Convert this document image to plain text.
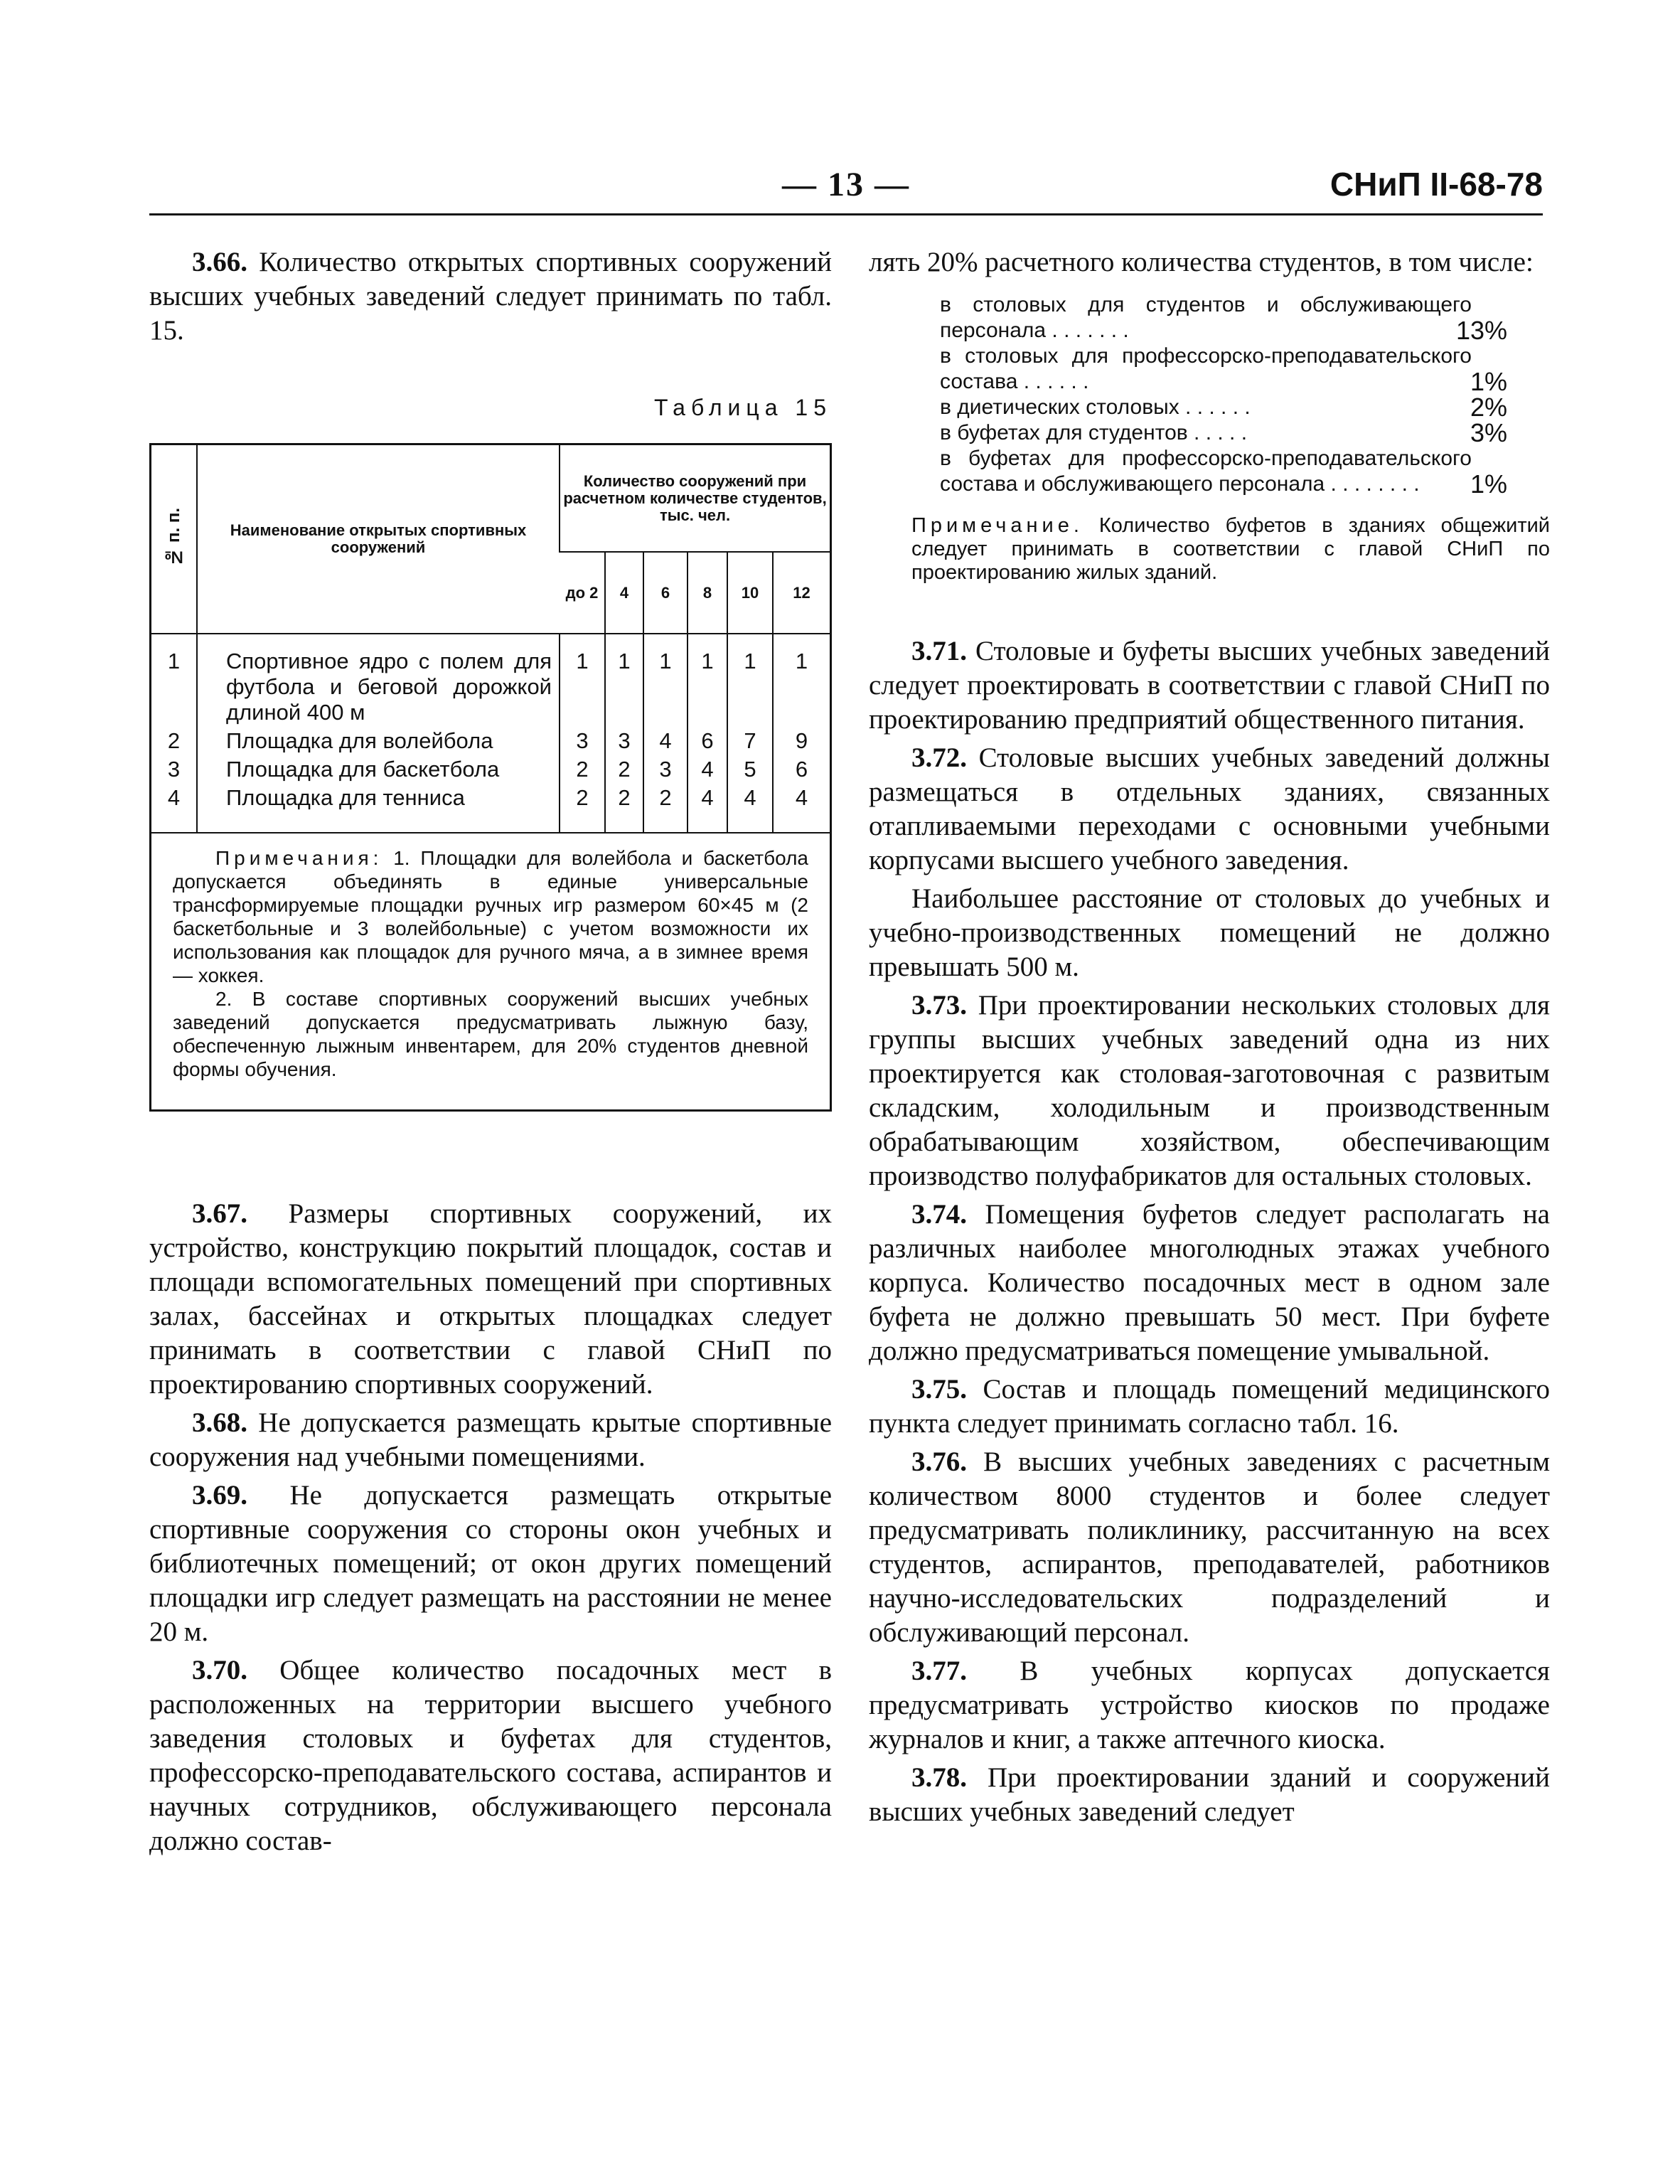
— 13 —	СНиП II-68-78

3.66. Количество открытых спортивных сооружений высших учебных заведений следует принимать по табл. 15.

Таблица 15
№ п. п.	Наименование открытых спортивных сооружений	Количество сооружений при расчетном количестве студентов, тыс. чел.					
		до 2	4	6	8	10	12
1	Спортивное ядро с полем для футбола и беговой дорожкой длиной 400 м	1	1	1	1	1	1
2	Площадка для волейбола	3	3	4	6	7	9
3	Площадка для баскетбола	2	2	3	4	5	6
4	Площадка для тенниса	2	2	2	4	4	4

Примечания: 1. Площадки для волейбола и баскетбола допускается объединять в единые универсальные трансформируемые площадки ручных игр размером 60×45 м (2 баскетбольные и 3 волейбольные) с учетом возможности их использования как площадок для ручного мяча, а в зимнее время — хоккея.

2. В составе спортивных сооружений высших учебных заведений допускается предусматривать лыжную базу, обеспеченную лыжным инвентарем, для 20% студентов дневной формы обучения.

3.67. Размеры спортивных сооружений, их устройство, конструкцию покрытий площадок, состав и площади вспомогательных помещений при спортивных залах, бассейнах и открытых площадках следует принимать в соответствии с главой СНиП по проектированию спортивных сооружений.

3.68. Не допускается размещать крытые спортивные сооружения над учебными помещениями.

3.69. Не допускается размещать открытые спортивные сооружения со стороны окон учебных и библиотечных помещений; от окон других помещений площадки игр следует размещать на расстоянии не менее 20 м.

3.70. Общее количество посадочных мест в расположенных на территории высшего учебного заведения столовых и буфетах для студентов, профессорско-преподавательского состава, аспирантов и научных сотрудников, обслуживающего персонала должно состав-

лять 20% расчетного количества студентов, в том числе:

в столовых для студентов и обслуживающего персонала . . . . . . .	13%
в столовых для профессорско-преподавательского состава . . . . . .	1%
в диетических столовых . . . . . .	2%
в буфетах для студентов . . . . .	3%
в буфетах для профессорско-преподавательского состава и обслуживающего персонала . . . . . . . . 1%
Примечание. Количество буфетов в зданиях общежитий следует принимать в соответствии с главой СНиП по проектированию жилых зданий.

3.71. Столовые и буфеты высших учебных заведений следует проектировать в соответствии с главой СНиП по проектированию предприятий общественного питания.

3.72. Столовые высших учебных заведений должны размещаться в отдельных зданиях, связанных отапливаемыми переходами с основными учебными корпусами высшего учебного заведения.

Наибольшее расстояние от столовых до учебных и учебно-производственных помещений не должно превышать 500 м.

3.73. При проектировании нескольких столовых для группы высших учебных заведений одна из них проектируется как столовая-заготовочная с развитым складским, холодильным и производственным обрабатывающим хозяйством, обеспечивающим производство полуфабрикатов для остальных столовых.

3.74. Помещения буфетов следует располагать на различных наиболее многолюдных этажах учебного корпуса. Количество посадочных мест в одном зале буфета не должно превышать 50 мест. При буфете должно предусматриваться помещение умывальной.

3.75. Состав и площадь помещений медицинского пункта следует принимать согласно табл. 16.

3.76. В высших учебных заведениях с расчетным количеством 8000 студентов и более следует предусматривать поликлинику, рассчитанную на всех студентов, аспирантов, преподавателей, работников научно-исследовательских подразделений и обслуживающий персонал.

3.77. В учебных корпусах допускается предусматривать устройство киосков по продаже журналов и книг, а также аптечного киоска.

3.78. При проектировании зданий и сооружений высших учебных заведений следует
